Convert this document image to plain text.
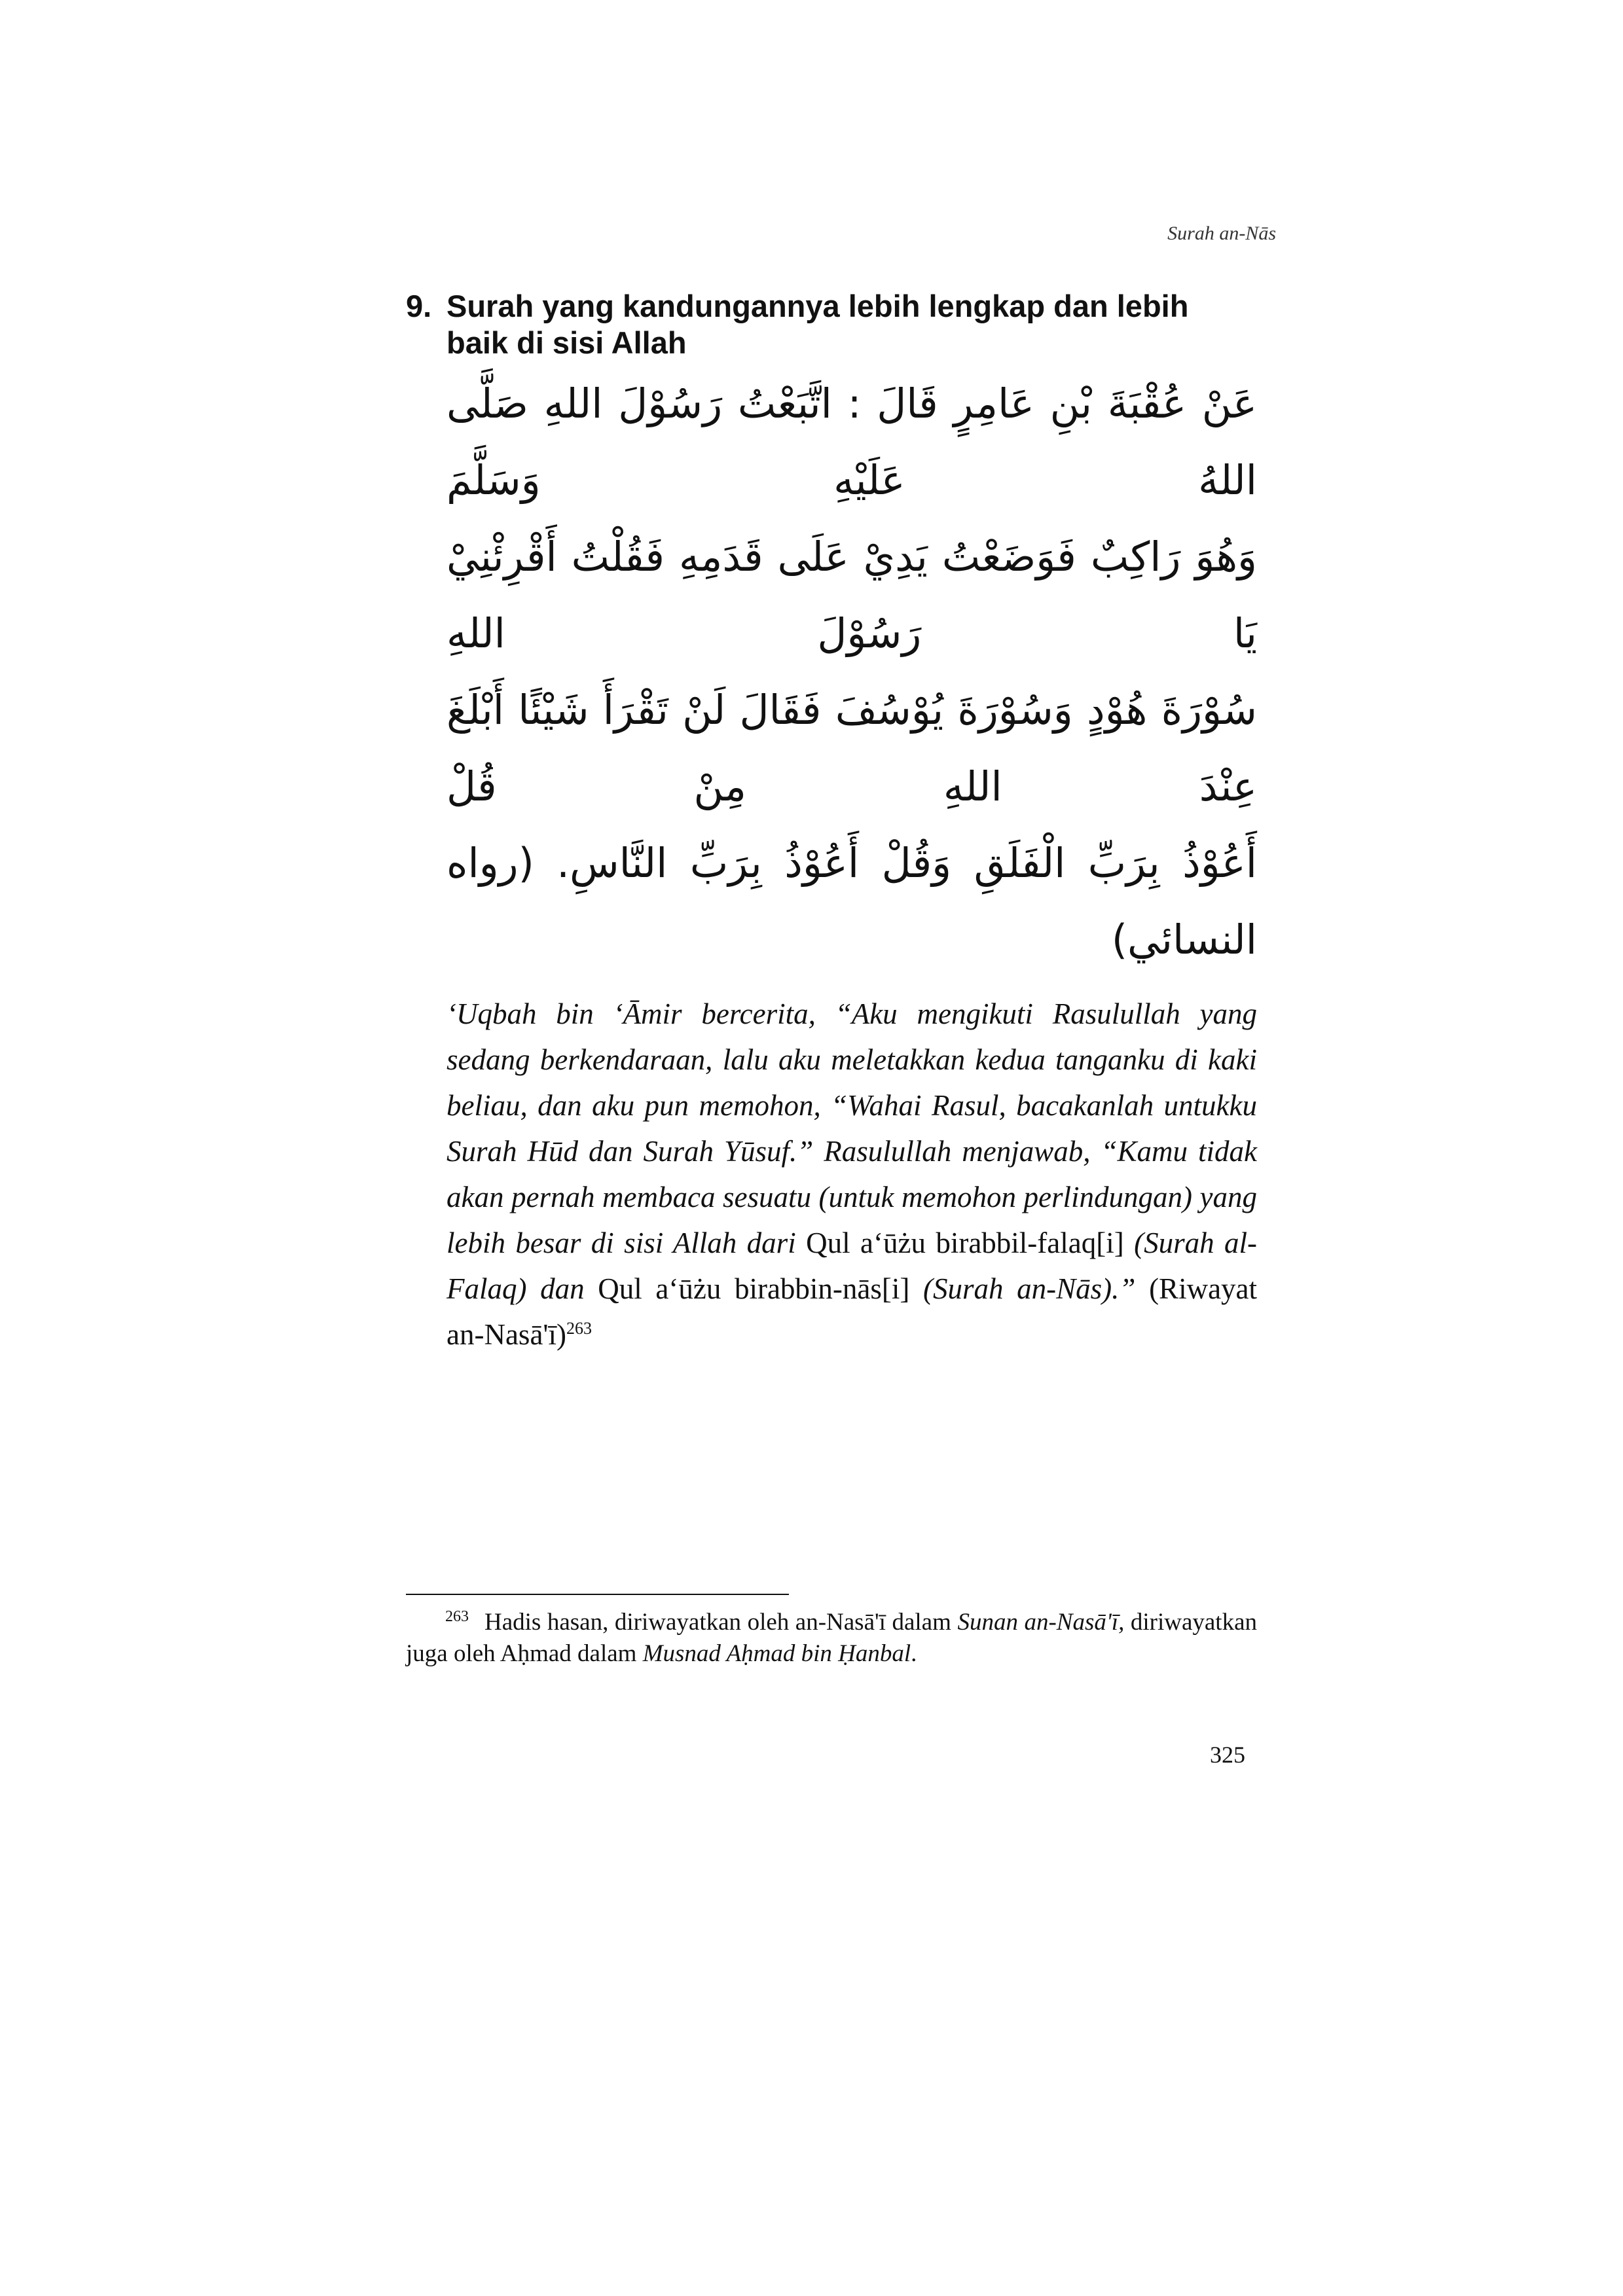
Surah an-Nās
9. Surah yang kandungannya lebih lengkap dan lebih baik di sisi Allah
عَنْ عُقْبَةَ بْنِ عَامِرٍ قَالَ : اتَّبَعْتُ رَسُوْلَ اللهِ صَلَّى اللهُ عَلَيْهِ وَسَلَّمَ
وَهُوَ رَاكِبٌ فَوَضَعْتُ يَدِيْ عَلَى قَدَمِهِ فَقُلْتُ أَقْرِئْنِيْ يَا رَسُوْلَ اللهِ
سُوْرَةَ هُوْدٍ وَسُوْرَةَ يُوْسُفَ فَقَالَ لَنْ تَقْرَأَ شَيْئًا أَبْلَغَ عِنْدَ اللهِ مِنْ قُلْ
أَعُوْذُ بِرَبِّ الْفَلَقِ وَقُلْ أَعُوْذُ بِرَبِّ النَّاسِ. (رواه النسائي)

‘Uqbah bin ‘Āmir bercerita, “Aku mengikuti Rasulullah yang sedang berkendaraan, lalu aku meletakkan kedua tanganku di kaki beliau, dan aku pun memohon, “Wahai Rasul, bacakanlah untukku Surah Hūd dan Surah Yūsuf.” Rasulullah menjawab, “Kamu tidak akan pernah membaca sesuatu (untuk memohon perlindungan) yang lebih besar di sisi Allah dari Qul a‘ūżu birabbil-falaq[i] (Surah al-Falaq) dan Qul a‘ūżu birabbin-nās[i] (Surah an-Nās).” (Riwayat an-Nasā'ī)$^{263}$

$^{263}$ Hadis hasan, diriwayatkan oleh an-Nasā'ī dalam Sunan an-Nasā'ī, diriwayatkan juga oleh Aḥmad dalam Musnad Aḥmad bin Ḥanbal.
325
